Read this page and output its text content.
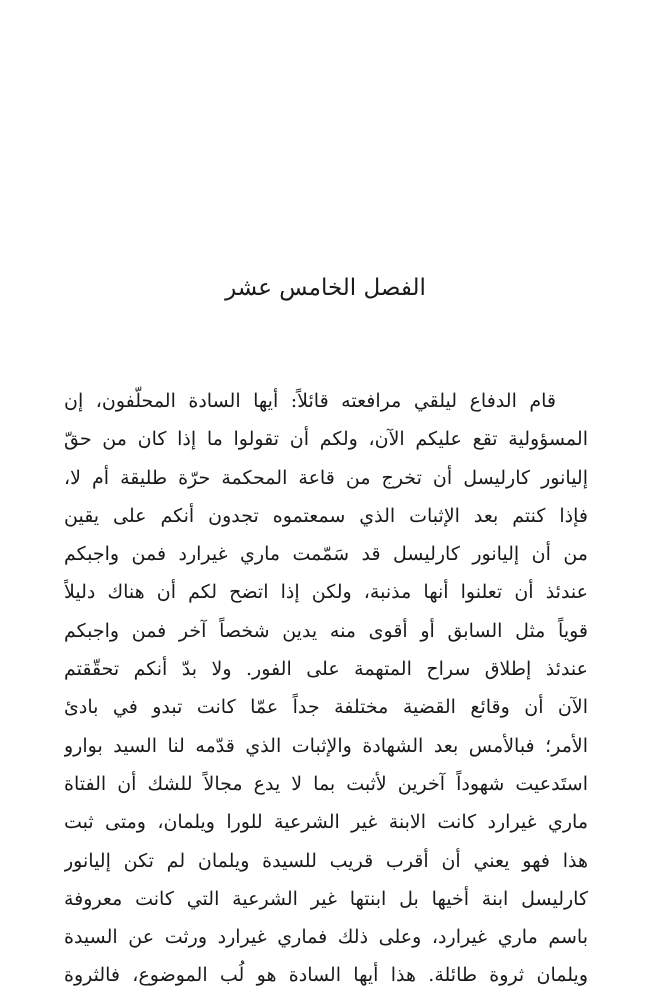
الفصل الخامس عشر
قام الدفاع ليلقي مرافعته قائلاً: أيها السادة المحلّفون، إن
المسؤولية تقع عليكم الآن، ولكم أن تقولوا ما إذا كان من حقّ
إليانور كارليسل أن تخرج من قاعة المحكمة حرّة طليقة أم لا،
فإذا كنتم بعد الإثبات الذي سمعتموه تجدون أنكم على يقين
من أن إليانور كارليسل قد سَمّمت ماري غيرارد فمن واجبكم
عندئذ أن تعلنوا أنها مذنبة، ولكن إذا اتضح لكم أن هناك دليلاً
قوياً مثل السابق أو أقوى منه يدين شخصاً آخر فمن واجبكم
عندئذ إطلاق سراح المتهمة على الفور. ولا بدّ أنكم تحقّقتم
الآن أن وقائع القضية مختلفة جداً عمّا كانت تبدو في بادئ
الأمر؛ فبالأمس بعد الشهادة والإثبات الذي قدّمه لنا السيد بوارو
استَدعيت شهوداً آخرين لأثبت بما لا يدع مجالاً للشك أن الفتاة
ماري غيرارد كانت الابنة غير الشرعية للورا ويلمان، ومتى ثبت
هذا فهو يعني أن أقرب قريب للسيدة ويلمان لم تكن إليانور
كارليسل ابنة أخيها بل ابنتها غير الشرعية التي كانت معروفة
باسم ماري غيرارد، وعلى ذلك فماري غيرارد ورثت عن السيدة
ويلمان ثروة طائلة. هذا أيها السادة هو لُب الموضوع، فالثروة
